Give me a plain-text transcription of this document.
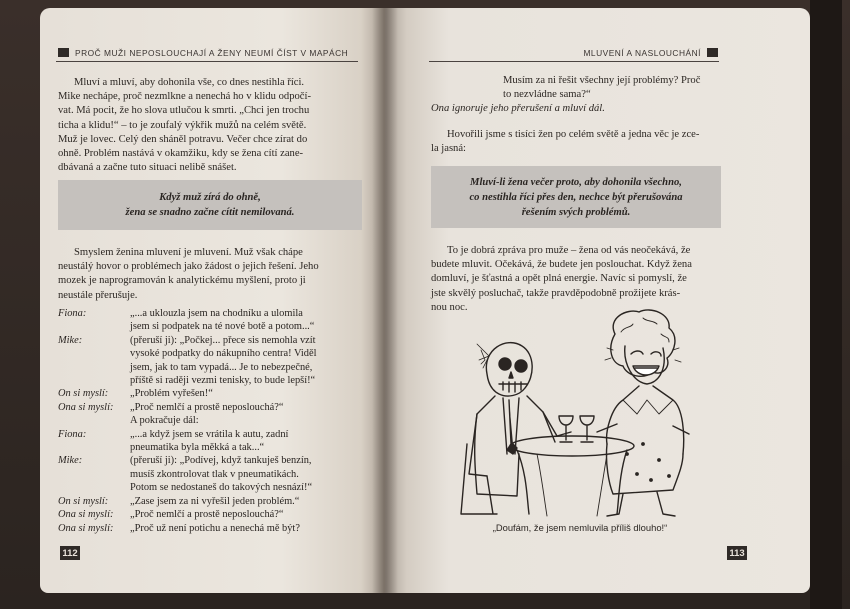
PROČ MUŽI NEPOSLOUCHAJÍ A ŽENY NEUMÍ ČÍST V MAPÁCH
Mluví a mluví, aby dohonila vše, co dnes nestihla říci.
Mike nechápe, proč nezmlkne a nenechá ho v klidu odpočí-
vat. Má pocit, že ho slova utlučou k smrti. „Chci jen trochu
ticha a klidu!“ – to je zoufalý výkřik mužů na celém světě.
Muž je lovec. Celý den sháněl potravu. Večer chce zírat do
ohně. Problém nastává v okamžiku, kdy se žena cítí zane-
dbávaná a začne tuto situaci nelibě snášet.
Když muž zírá do ohně,
žena se snadno začne cítit nemilovaná.
Smyslem ženina mluvení je mluvení. Muž však chápe
neustálý hovor o problémech jako žádost o jejich řešení. Jeho
mozek je naprogramován k analytickému myšlení, proto ji
neustále přerušuje.
Fiona:	„...a uklouzla jsem na chodníku a ulomila
jsem si podpatek na té nové botě a potom...“
Mike:	(přeruší ji): „Počkej... přece sis nemohla vzít
vysoké podpatky do nákupního centra! Viděl
jsem, jak to tam vypadá... Je to nebezpečné,
příště si raději vezmi tenisky, to bude lepší!“
On si myslí:	„Problém vyřešen!“
Ona si myslí:	„Proč nemlčí a prostě neposlouchá?“
A pokračuje dál:
Fiona:	„...a když jsem se vrátila k autu, zadní
pneumatika byla měkká a tak...“
Mike:	(přeruší ji): „Podívej, když tankuješ benzín,
musíš zkontrolovat tlak v pneumatikách.
Potom se nedostaneš do takových nesnází!“
On si myslí:	„Zase jsem za ni vyřešil jeden problém.“
Ona si myslí:	„Proč nemlčí a prostě neposlouchá?“
Ona si myslí:	„Proč už není potichu a nenechá mě být?
112
MLUVENÍ A NASLOUCHÁNÍ
Musím za ni řešit všechny její problémy? Proč
to nezvládne sama?“
Ona ignoruje jeho přerušení a mluví dál.
Hovořili jsme s tisíci žen po celém světě a jedna věc je zce-
la jasná:
Mluví-li žena večer proto, aby dohonila všechno,
co nestihla říci přes den, nechce být přerušována
řešením svých problémů.
To je dobrá zpráva pro muže – žena od vás neočekává, že
budete mluvit. Očekává, že budete jen poslouchat. Když žena
domluví, je šťastná a opět plná energie. Navíc si pomyslí, že
jste skvělý posluchač, takže pravděpodobně prožijete krás-
nou noc.
„Doufám, že jsem nemluvila příliš dlouho!“
113
